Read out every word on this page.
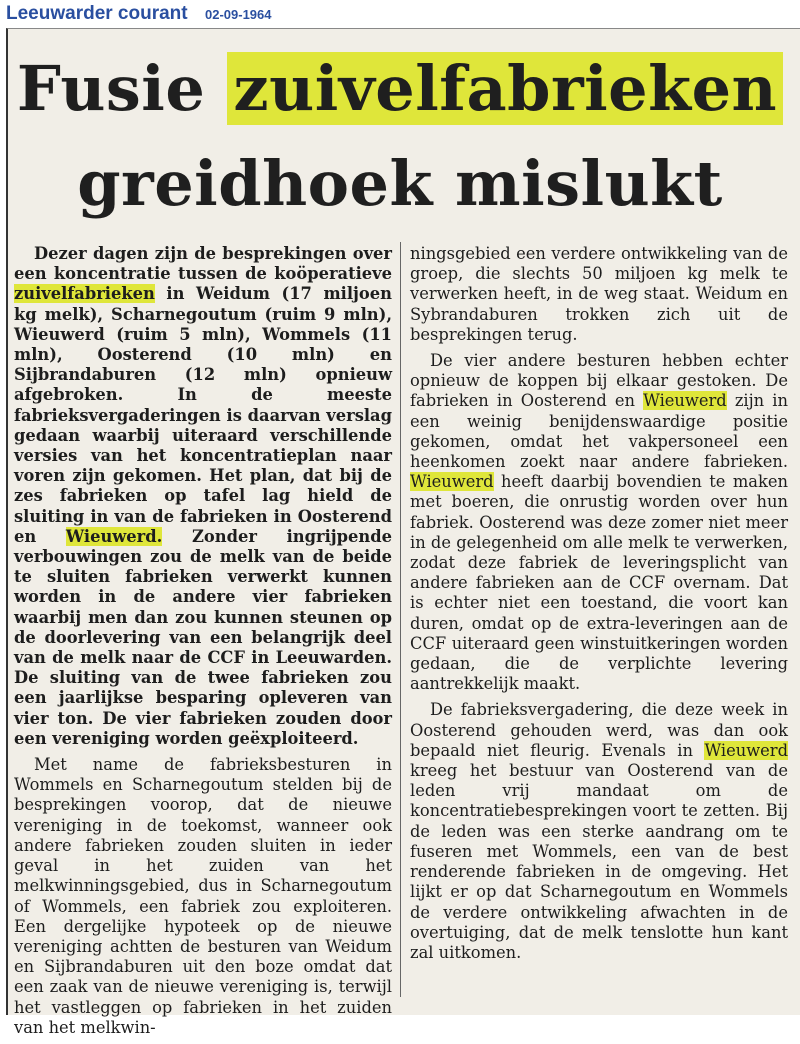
Leeuwarder courant 02-09-1964
Fusie zuivelfabrieken
greidhoek mislukt

Dezer dagen zijn de besprekingen over een koncentratie tussen de koöperatieve zuivelfabrieken in Weidum (17 miljoen kg melk), Scharnegoutum (ruim 9 mln), Wieuwerd (ruim 5 mln), Wommels (11 mln), Oosterend (10 mln) en Sijbrandaburen (12 mln) opnieuw afgebroken. In de meeste fabrieksvergaderingen is daarvan verslag gedaan waarbij uiteraard verschillende versies van het koncentratieplan naar voren zijn gekomen. Het plan, dat bij de zes fabrieken op tafel lag hield de sluiting in van de fabrieken in Oosterend en Wieuwerd. Zonder ingrijpende verbouwingen zou de melk van de beide te sluiten fabrieken verwerkt kunnen worden in de andere vier fabrieken waarbij men dan zou kunnen steunen op de doorlevering van een belangrijk deel van de melk naar de CCF in Leeuwarden. De sluiting van de twee fabrieken zou een jaarlijkse besparing opleveren van vier ton. De vier fabrieken zouden door een vereniging worden geëxploiteerd.

Met name de fabrieksbesturen in Wommels en Scharnegoutum stelden bij de besprekingen voorop, dat de nieuwe vereniging in de toekomst, wanneer ook andere fabrieken zouden sluiten in ieder geval in het zuiden van het melkwinningsgebied, dus in Scharnegoutum of Wommels, een fabriek zou exploiteren. Een dergelijke hypoteek op de nieuwe vereniging achtten de besturen van Weidum en Sijbrandaburen uit den boze omdat dat een zaak van de nieuwe vereniging is, terwijl het vastleggen op fabrieken in het zuiden van het melkwin-

ningsgebied een verdere ontwikkeling van de groep, die slechts 50 miljoen kg melk te verwerken heeft, in de weg staat. Weidum en Sybrandaburen trokken zich uit de besprekingen terug.

De vier andere besturen hebben echter opnieuw de koppen bij elkaar gestoken. De fabrieken in Oosterend en Wieuwerd zijn in een weinig benijdenswaardige positie gekomen, omdat het vakpersoneel een heenkomen zoekt naar andere fabrieken. Wieuwerd heeft daarbij bovendien te maken met boeren, die onrustig worden over hun fabriek. Oosterend was deze zomer niet meer in de gelegenheid om alle melk te verwerken, zodat deze fabriek de leveringsplicht van andere fabrieken aan de CCF overnam. Dat is echter niet een toestand, die voort kan duren, omdat op de extra-leveringen aan de CCF uiteraard geen winstuitkeringen worden gedaan, die de verplichte levering aantrekkelijk maakt.

De fabrieksvergadering, die deze week in Oosterend gehouden werd, was dan ook bepaald niet fleurig. Evenals in Wieuwerd kreeg het bestuur van Oosterend van de leden vrij mandaat om de koncentratiebesprekingen voort te zetten. Bij de leden was een sterke aandrang om te fuseren met Wommels, een van de best renderende fabrieken in de omgeving. Het lijkt er op dat Scharnegoutum en Wommels de verdere ontwikkeling afwachten in de overtuiging, dat de melk tenslotte hun kant zal uitkomen.
